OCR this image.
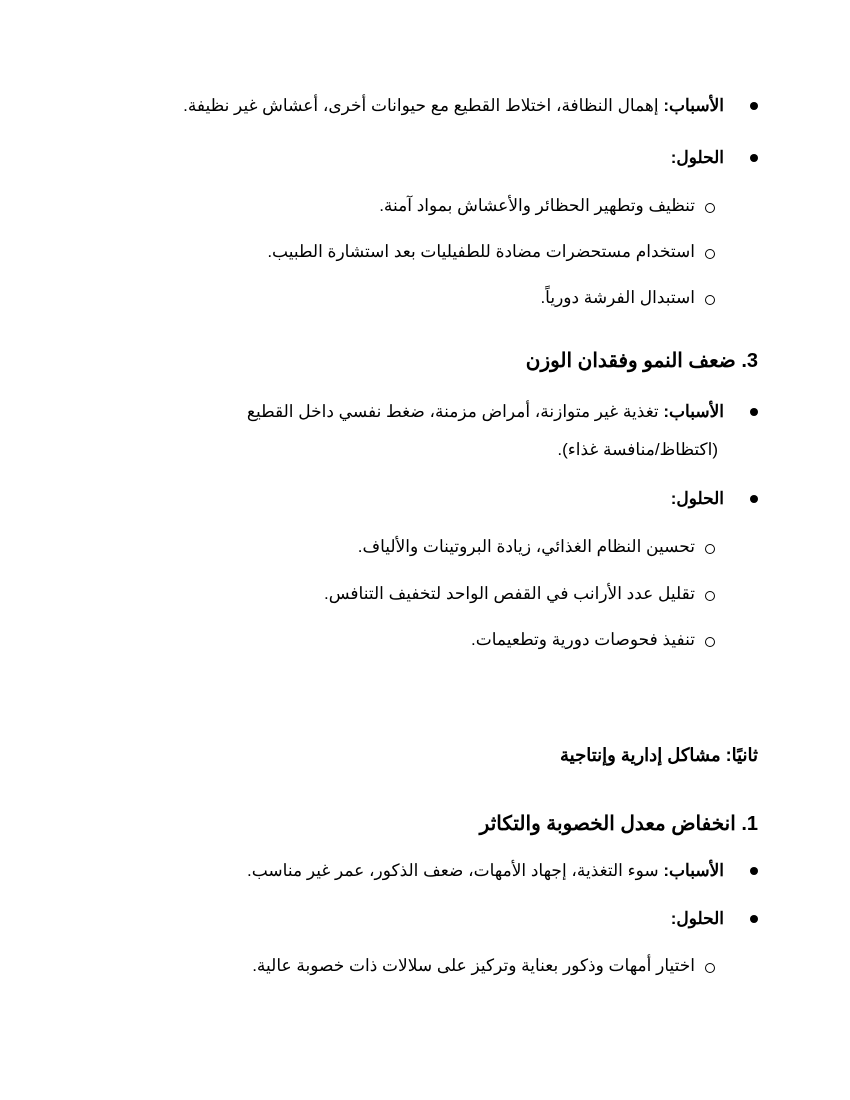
الأسباب: إهمال النظافة، اختلاط القطيع مع حيوانات أخرى، أعشاش غير نظيفة.
الحلول:
تنظيف وتطهير الحظائر والأعشاش بمواد آمنة.
استخدام مستحضرات مضادة للطفيليات بعد استشارة الطبيب.
استبدال الفرشة دورياً.
3. ضعف النمو وفقدان الوزن
الأسباب: تغذية غير متوازنة، أمراض مزمنة، ضغط نفسي داخل القطيع
(اكتظاظ/منافسة غذاء).
الحلول:
تحسين النظام الغذائي، زيادة البروتينات والألياف.
تقليل عدد الأرانب في القفص الواحد لتخفيف التنافس.
تنفيذ فحوصات دورية وتطعيمات.
ثانيًا: مشاكل إدارية وإنتاجية
1. انخفاض معدل الخصوبة والتكاثر
الأسباب: سوء التغذية، إجهاد الأمهات، ضعف الذكور، عمر غير مناسب.
الحلول:
اختيار أمهات وذكور بعناية وتركيز على سلالات ذات خصوبة عالية.
